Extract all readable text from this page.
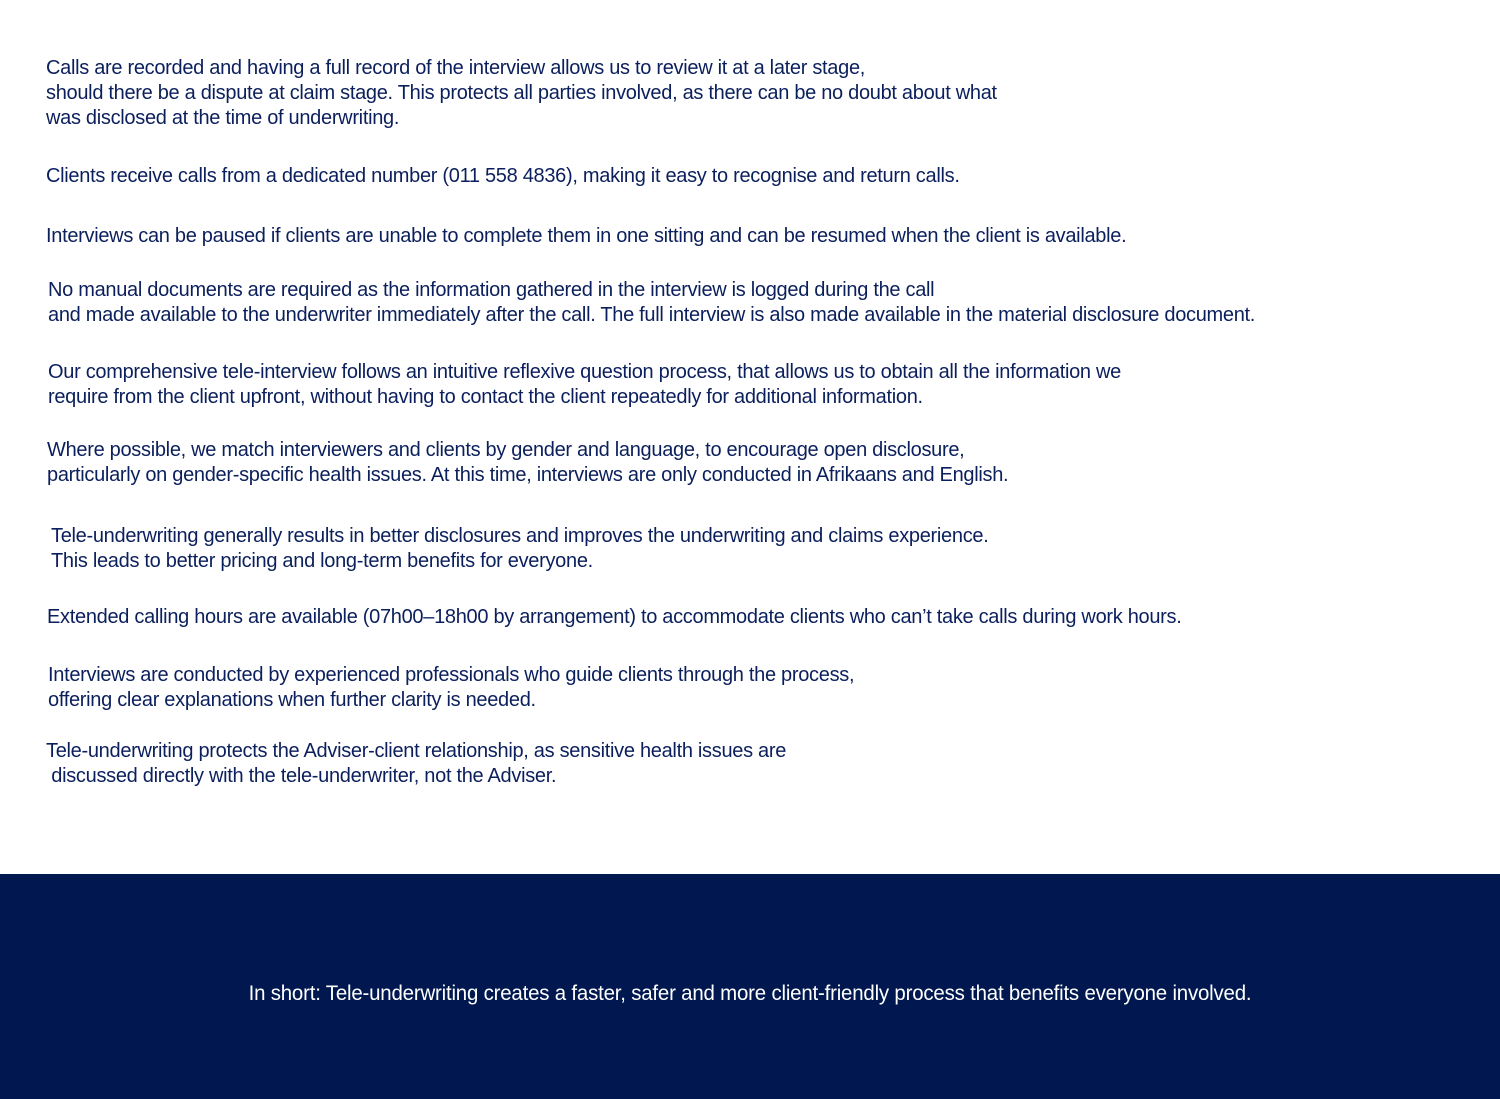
Calls are recorded and having a full record of the interview allows us to review it at a later stage,
should there be a dispute at claim stage. This protects all parties involved, as there can be no doubt about what
was disclosed at the time of underwriting.

Clients receive calls from a dedicated number (011 558 4836), making it easy to recognise and return calls.

Interviews can be paused if clients are unable to complete them in one sitting and can be resumed when the client is available.

No manual documents are required as the information gathered in the interview is logged during the call
and made available to the underwriter immediately after the call. The full interview is also made available in the material disclosure document.

Our comprehensive tele-interview follows an intuitive reflexive question process, that allows us to obtain all the information we
require from the client upfront, without having to contact the client repeatedly for additional information.

Where possible, we match interviewers and clients by gender and language, to encourage open disclosure,
particularly on gender-specific health issues. At this time, interviews are only conducted in Afrikaans and English.

Tele-underwriting generally results in better disclosures and improves the underwriting and claims experience.
This leads to better pricing and long-term benefits for everyone.

Extended calling hours are available (07h00–18h00 by arrangement) to accommodate clients who can’t take calls during work hours.

Interviews are conducted by experienced professionals who guide clients through the process,
offering clear explanations when further clarity is needed.

Tele-underwriting protects the Adviser-client relationship, as sensitive health issues are
discussed directly with the tele-underwriter, not the Adviser.

In short: Tele-underwriting creates a faster, safer and more client-friendly process that benefits everyone involved.
